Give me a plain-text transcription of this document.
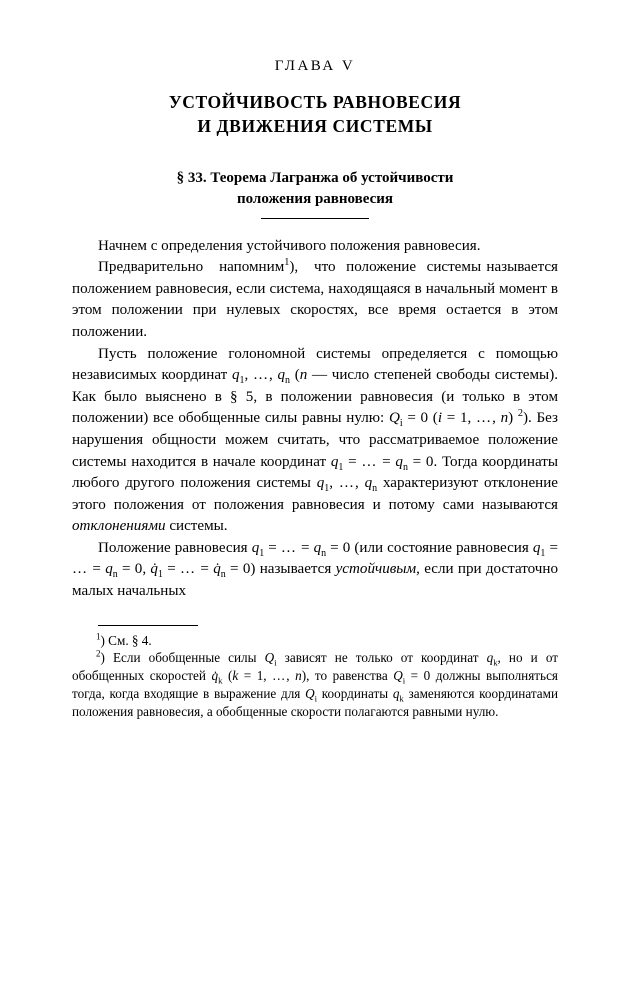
ГЛАВА V
УСТОЙЧИВОСТЬ РАВНОВЕСИЯ
И ДВИЖЕНИЯ СИСТЕМЫ
§ 33. Теорема Лагранжа об устойчивости
положения равновесия

Начнем с определения устойчивого положения равновесия.

Предварительно   напомним$^1$),   что  положение  системы называется положением равновесия, если система, находящаяся в начальный момент в этом положении при нулевых скоростях, все время остается в этом положении.

Пусть положение голономной системы определяется с помощью независимых координат $q_1$, …, $q_n$ (n — число степеней свободы системы). Как было выяснено в § 5, в положении равновесия (и только в этом положении) все обобщенные силы равны нулю: $Q_i = 0$ (i = 1, …, n) $^2$). Без нарушения общности можем считать, что рассматриваемое положение системы находится в начале координат $q_1$ = … = $q_n = 0$. Тогда координаты любого другого положения системы $q_1$, …, $q_n$ характеризуют отклонение этого положения от положения равновесия и потому сами называются отклонениями системы.

Положение равновесия $q_1$ = … = $q_n = 0$ (или состояние равновесия $q_1$ = … = $q_n = 0$, $q̇_1$ = … = $q̇_n = 0$) называется устойчивым, если при достаточно малых начальных

$^1$) См. § 4.

$^2$) Если обобщенные силы $Q_i$ зависят не только от координат $q_k$, но и от обобщенных скоростей $q̇_k$ (k = 1, …, n), то равенства $Q_i = 0$ должны выполняться тогда, когда входящие в выражение для $Q_i$ координаты $q_k$ заменяются координатами положения равновесия, а обобщенные скорости полагаются равными нулю.
